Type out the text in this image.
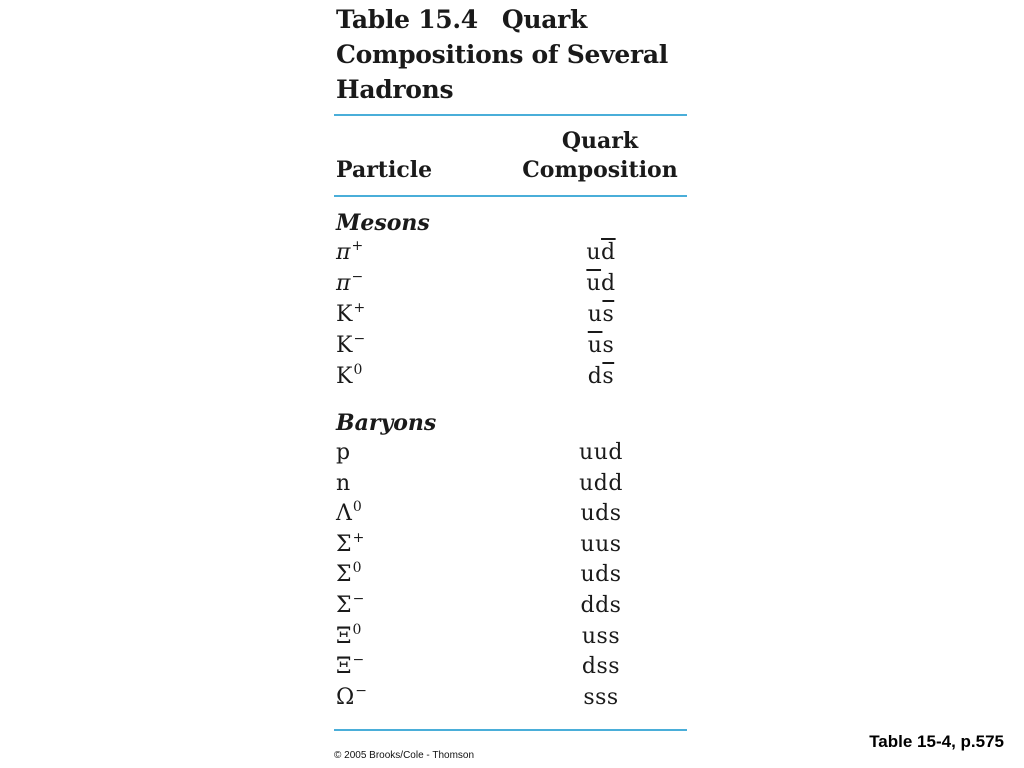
Table 15.4 Quark
Compositions of Several
Hadrons
Particle
Quark
Composition
Mesons
π+	$u\overline{d}$
π−	$\overline{u}d$
K+	$u\overline{s}$
K−	$\overline{u}s$
$K^0$	$d\overline{s}$
Baryons
p	uud
n	udd
$\Lambda^0$	uds
Σ+	uus
$\Sigma^0$	uds
Σ−	dds
$\Xi^0$	uss
Ξ−	dss
Ω−	sss
© 2005 Brooks/Cole - Thomson
Table 15-4, p.575
